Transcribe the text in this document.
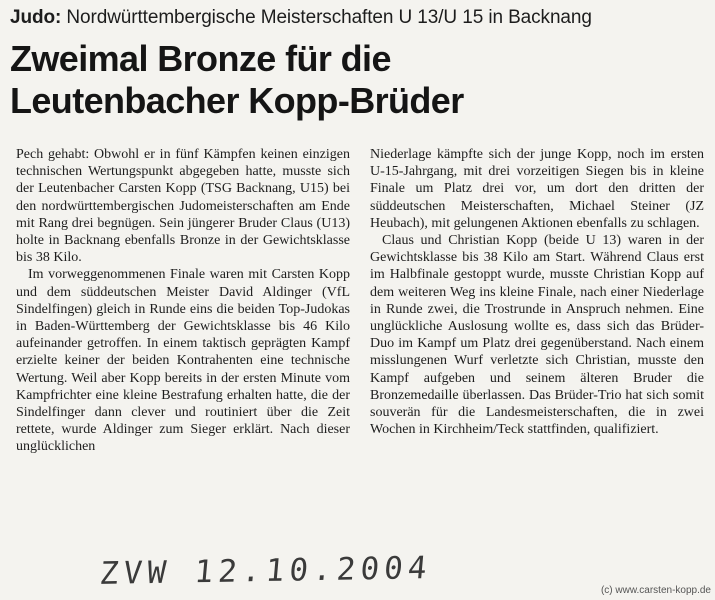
Judo: Nordwürttembergische Meisterschaften U 13/U 15 in Backnang
Zweimal Bronze für die
Leutenbacher Kopp-Brüder

Pech gehabt: Obwohl er in fünf Kämpfen keinen einzigen technischen Wertungspunkt abgegeben hatte, musste sich der Leutenbacher Carsten Kopp (TSG Backnang, U15) bei den nordwürttembergischen Judomeisterschaften am Ende mit Rang drei begnügen. Sein jüngerer Bruder Claus (U13) holte in Backnang ebenfalls Bronze in der Gewichtsklasse bis 38 Kilo.

Im vorweggenommenen Finale waren mit Carsten Kopp und dem süddeutschen Meister David Aldinger (VfL Sindelfingen) gleich in Runde eins die beiden Top-Judokas in Baden-Württemberg der Gewichtsklasse bis 46 Kilo aufeinander getroffen. In einem taktisch geprägten Kampf erzielte keiner der beiden Kontrahenten eine technische Wertung. Weil aber Kopp bereits in der ersten Minute vom Kampfrichter eine kleine Bestrafung erhalten hatte, die der Sindelfinger dann clever und routiniert über die Zeit rettete, wurde Aldinger zum Sieger erklärt. Nach dieser unglücklichen

Niederlage kämpfte sich der junge Kopp, noch im ersten U-15-Jahrgang, mit drei vorzeitigen Siegen bis in kleine Finale um Platz drei vor, um dort den dritten der süddeutschen Meisterschaften, Michael Steiner (JZ Heubach), mit gelungenen Aktionen ebenfalls zu schlagen.

Claus und Christian Kopp (beide U 13) waren in der Gewichtsklasse bis 38 Kilo am Start. Während Claus erst im Halbfinale gestoppt wurde, musste Christian Kopp auf dem weiteren Weg ins kleine Finale, nach einer Niederlage in Runde zwei, die Trostrunde in Anspruch nehmen. Eine unglückliche Auslosung wollte es, dass sich das Brüder-Duo im Kampf um Platz drei gegenüberstand. Nach einem misslungenen Wurf verletzte sich Christian, musste den Kampf aufgeben und seinem älteren Bruder die Bronzemedaille überlassen. Das Brüder-Trio hat sich somit souverän für die Landesmeisterschaften, die in zwei Wochen in Kirchheim/Teck stattfinden, qualifiziert.

ZVW 12.10.2004	(c) www.carsten-kopp.de
